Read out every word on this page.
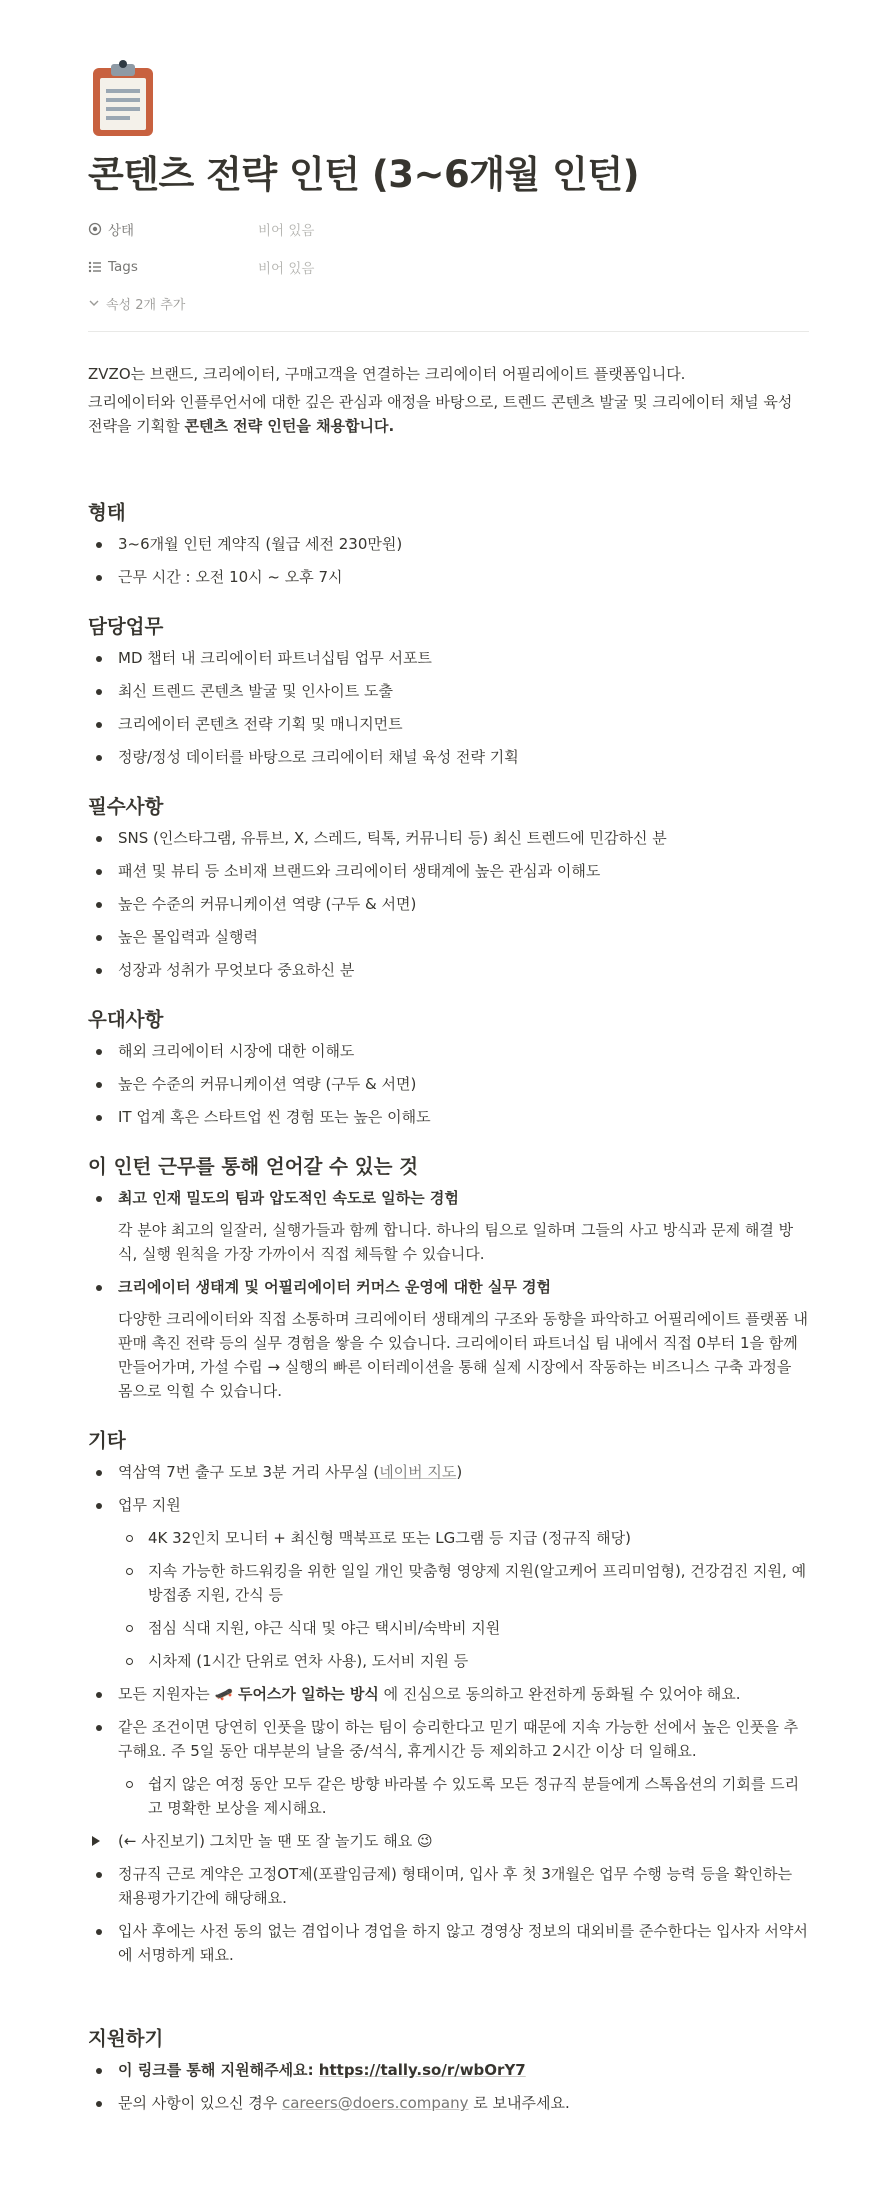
콘텐츠 전략 인턴 (3~6개월 인턴)
상태	비어 있음
Tags	비어 있음
속성 2개 추가

ZVZO는 브랜드, 크리에이터, 구매고객을 연결하는 크리에이터 어필리에이트 플랫폼입니다.

크리에이터와 인플루언서에 대한 깊은 관심과 애정을 바탕으로, 트렌드 콘텐츠 발굴 및 크리에이터 채널 육성 전략을 기획할 콘텐츠 전략 인턴을 채용합니다.

형태
3~6개월 인턴 계약직 (월급 세전 230만원)
근무 시간 : 오전 10시 ~ 오후 7시
담당업무
MD 챕터 내 크리에이터 파트너십팀 업무 서포트
최신 트렌드 콘텐츠 발굴 및 인사이트 도출
크리에이터 콘텐츠 전략 기획 및 매니지먼트
정량/정성 데이터를 바탕으로 크리에이터 채널 육성 전략 기획
필수사항
SNS (인스타그램, 유튜브, X, 스레드, 틱톡, 커뮤니티 등) 최신 트렌드에 민감하신 분
패션 및 뷰티 등 소비재 브랜드와 크리에이터 생태계에 높은 관심과 이해도
높은 수준의 커뮤니케이션 역량 (구두 & 서면)
높은 몰입력과 실행력
성장과 성취가 무엇보다 중요하신 분
우대사항
해외 크리에이터 시장에 대한 이해도
높은 수준의 커뮤니케이션 역량 (구두 & 서면)
IT 업계 혹은 스타트업 씬 경험 또는 높은 이해도
이 인턴 근무를 통해 얻어갈 수 있는 것
최고 인재 밀도의 팀과 압도적인 속도로 일하는 경험
각 분야 최고의 일잘러, 실행가들과 함께 합니다. 하나의 팀으로 일하며 그들의 사고 방식과 문제 해결 방식, 실행 원칙을 가장 가까이서 직접 체득할 수 있습니다.
크리에이터 생태계 및 어필리에이터 커머스 운영에 대한 실무 경험
다양한 크리에이터와 직접 소통하며 크리에이터 생태계의 구조와 동향을 파악하고 어필리에이트 플랫폼 내 판매 촉진 전략 등의 실무 경험을 쌓을 수 있습니다. 크리에이터 파트너십 팀 내에서 직접 0부터 1을 함께 만들어가며, 가설 수립 → 실행의 빠른 이터레이션을 통해 실제 시장에서 작동하는 비즈니스 구축 과정을 몸으로 익힐 수 있습니다.
기타
역삼역 7번 출구 도보 3분 거리 사무실 (네이버 지도)
업무 지원
4K 32인치 모니터 + 최신형 맥북프로 또는 LG그램 등 지급 (정규직 해당)
지속 가능한 하드워킹을 위한 일일 개인 맞춤형 영양제 지원(알고케어 프리미엄형), 건강검진 지원, 예방접종 지원, 간식 등
점심 식대 지원, 야근 식대 및 야근 택시비/숙박비 지원
시차제 (1시간 단위로 연차 사용), 도서비 지원 등
모든 지원자는 🛹 두어스가 일하는 방식 에 진심으로 동의하고 완전하게 동화될 수 있어야 해요.
같은 조건이면 당연히 인풋을 많이 하는 팀이 승리한다고 믿기 때문에 지속 가능한 선에서 높은 인풋을 추구해요. 주 5일 동안 대부분의 날을 중/석식, 휴게시간 등 제외하고 2시간 이상 더 일해요.
쉽지 않은 여정 동안 모두 같은 방향 바라볼 수 있도록 모든 정규직 분들에게 스톡옵션의 기회를 드리고 명확한 보상을 제시해요.
(← 사진보기) 그치만 놀 땐 또 잘 놀기도 해요 😉
정규직 근로 계약은 고정OT제(포괄임금제) 형태이며, 입사 후 첫 3개월은 업무 수행 능력 등을 확인하는 채용평가기간에 해당해요.
입사 후에는 사전 동의 없는 겸업이나 경업을 하지 않고 경영상 정보의 대외비를 준수한다는 입사자 서약서에 서명하게 돼요.
지원하기
이 링크를 통해 지원해주세요: https://tally.so/r/wbOrY7
문의 사항이 있으신 경우 careers@doers.company 로 보내주세요.
